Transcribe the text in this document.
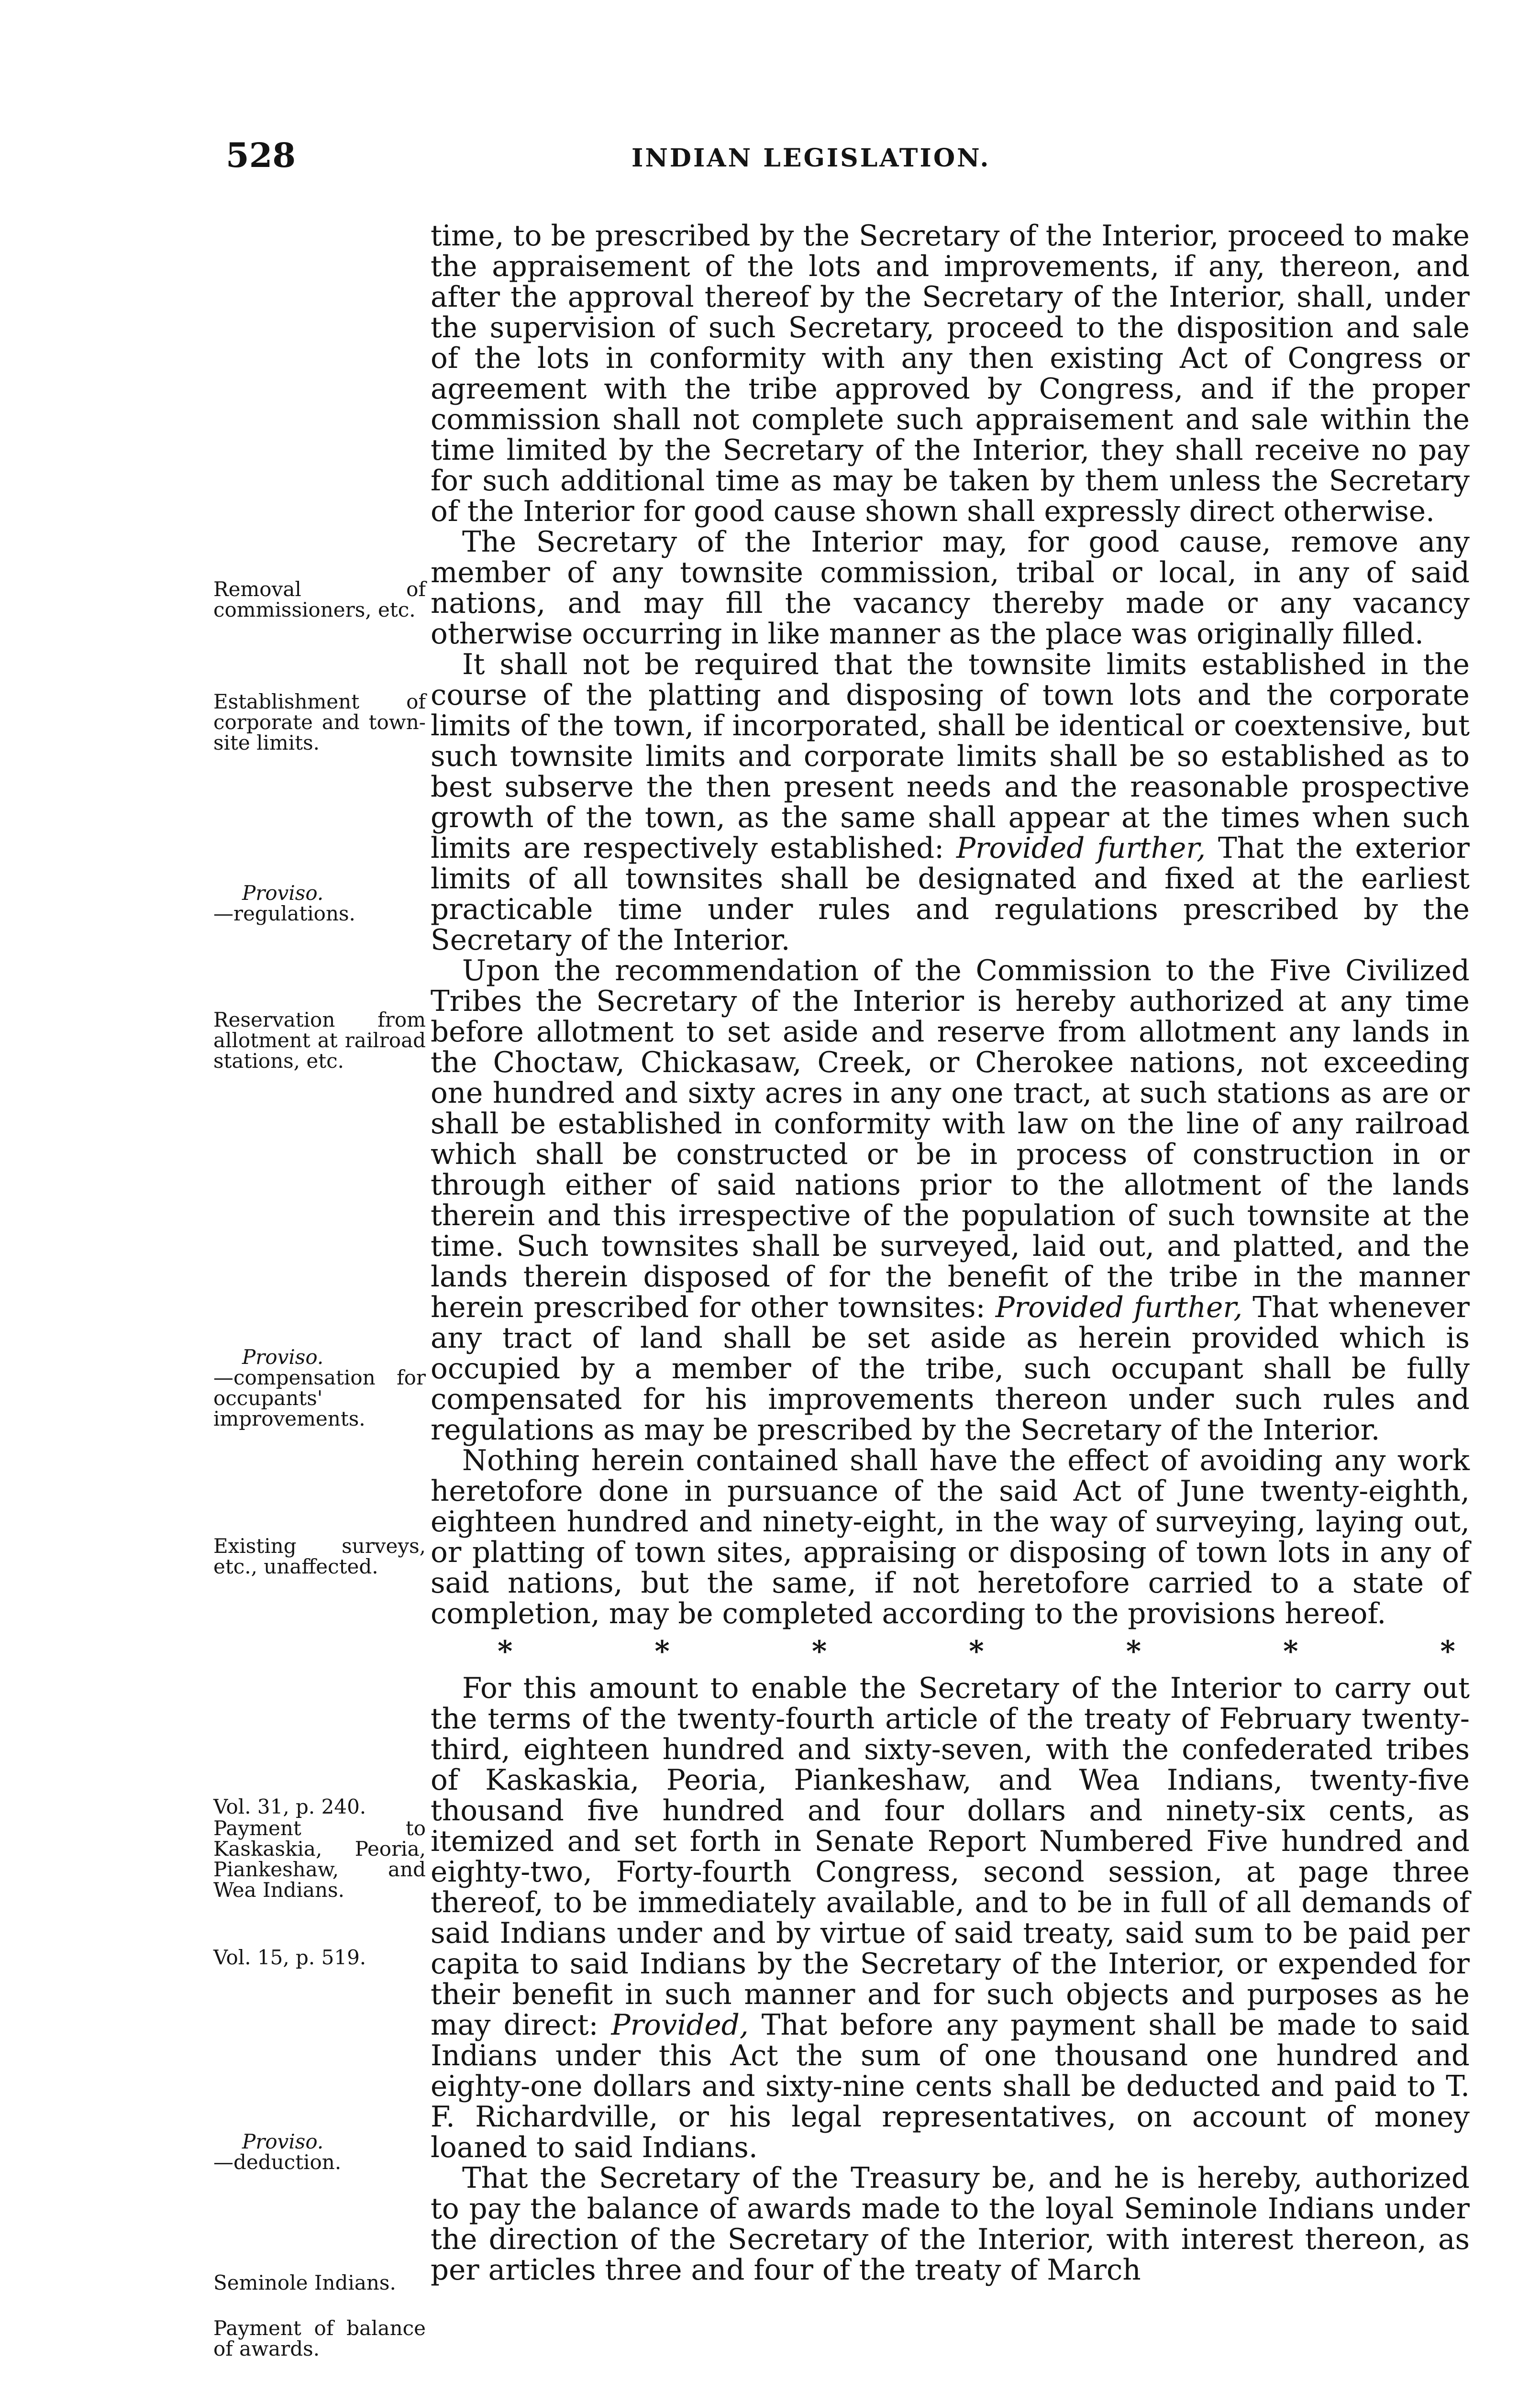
528	INDIAN LEGISLATION.
Removal of commissioners, etc.
Establishment of corporate and town-site limits.
Proviso.
—regulations.
Reservation from allotment at railroad stations, etc.
Proviso.
—compensation for occupants' improvements.
Existing surveys, etc., unaffected.
Vol. 31, p. 240.
Payment to Kaskaskia, Peoria, Piankeshaw, and Wea Indians.
Vol. 15, p. 519.
Proviso.
—deduction.
Seminole Indians.
Payment of balance of awards.

time, to be prescribed by the Secretary of the Interior, proceed to make the appraisement of the lots and improvements, if any, thereon, and after the approval thereof by the Secretary of the Interior, shall, under the supervision of such Secretary, proceed to the disposition and sale of the lots in conformity with any then existing Act of Congress or agreement with the tribe approved by Congress, and if the proper commission shall not complete such appraisement and sale within the time limited by the Secretary of the Interior, they shall receive no pay for such additional time as may be taken by them unless the Secretary of the Interior for good cause shown shall expressly direct otherwise.

The Secretary of the Interior may, for good cause, remove any member of any townsite commission, tribal or local, in any of said nations, and may fill the vacancy thereby made or any vacancy otherwise occurring in like manner as the place was originally filled.

It shall not be required that the townsite limits established in the course of the platting and disposing of town lots and the corporate limits of the town, if incorporated, shall be identical or coextensive, but such townsite limits and corporate limits shall be so established as to best subserve the then present needs and the reasonable prospective growth of the town, as the same shall appear at the times when such limits are respectively established: Provided further, That the exterior limits of all townsites shall be designated and fixed at the earliest practicable time under rules and regulations prescribed by the Secretary of the Interior.

Upon the recommendation of the Commission to the Five Civilized Tribes the Secretary of the Interior is hereby authorized at any time before allotment to set aside and reserve from allotment any lands in the Choctaw, Chickasaw, Creek, or Cherokee nations, not exceeding one hundred and sixty acres in any one tract, at such stations as are or shall be established in conformity with law on the line of any railroad which shall be constructed or be in process of construction in or through either of said nations prior to the allotment of the lands therein and this irrespective of the population of such townsite at the time. Such townsites shall be surveyed, laid out, and platted, and the lands therein disposed of for the benefit of the tribe in the manner herein prescribed for other townsites: Provided further, That whenever any tract of land shall be set aside as herein provided which is occupied by a member of the tribe, such occupant shall be fully compensated for his improvements thereon under such rules and regulations as may be prescribed by the Secretary of the Interior.

Nothing herein contained shall have the effect of avoiding any work heretofore done in pursuance of the said Act of June twenty-eighth, eighteen hundred and ninety-eight, in the way of surveying, laying out, or platting of town sites, appraising or disposing of town lots in any of said nations, but the same, if not heretofore carried to a state of completion, may be completed according to the provisions hereof.

*	*	*	*	*	*	*

For this amount to enable the Secretary of the Interior to carry out the terms of the twenty-fourth article of the treaty of February twenty-third, eighteen hundred and sixty-seven, with the confederated tribes of Kaskaskia, Peoria, Piankeshaw, and Wea Indians, twenty-five thousand five hundred and four dollars and ninety-six cents, as itemized and set forth in Senate Report Numbered Five hundred and eighty-two, Forty-fourth Congress, second session, at page three thereof, to be immediately available, and to be in full of all demands of said Indians under and by virtue of said treaty, said sum to be paid per capita to said Indians by the Secretary of the Interior, or expended for their benefit in such manner and for such objects and purposes as he may direct: Provided, That before any payment shall be made to said Indians under this Act the sum of one thousand one hundred and eighty-one dollars and sixty-nine cents shall be deducted and paid to T. F. Richardville, or his legal representatives, on account of money loaned to said Indians.

That the Secretary of the Treasury be, and he is hereby, authorized to pay the balance of awards made to the loyal Seminole Indians under the direction of the Secretary of the Interior, with interest thereon, as per articles three and four of the treaty of March
